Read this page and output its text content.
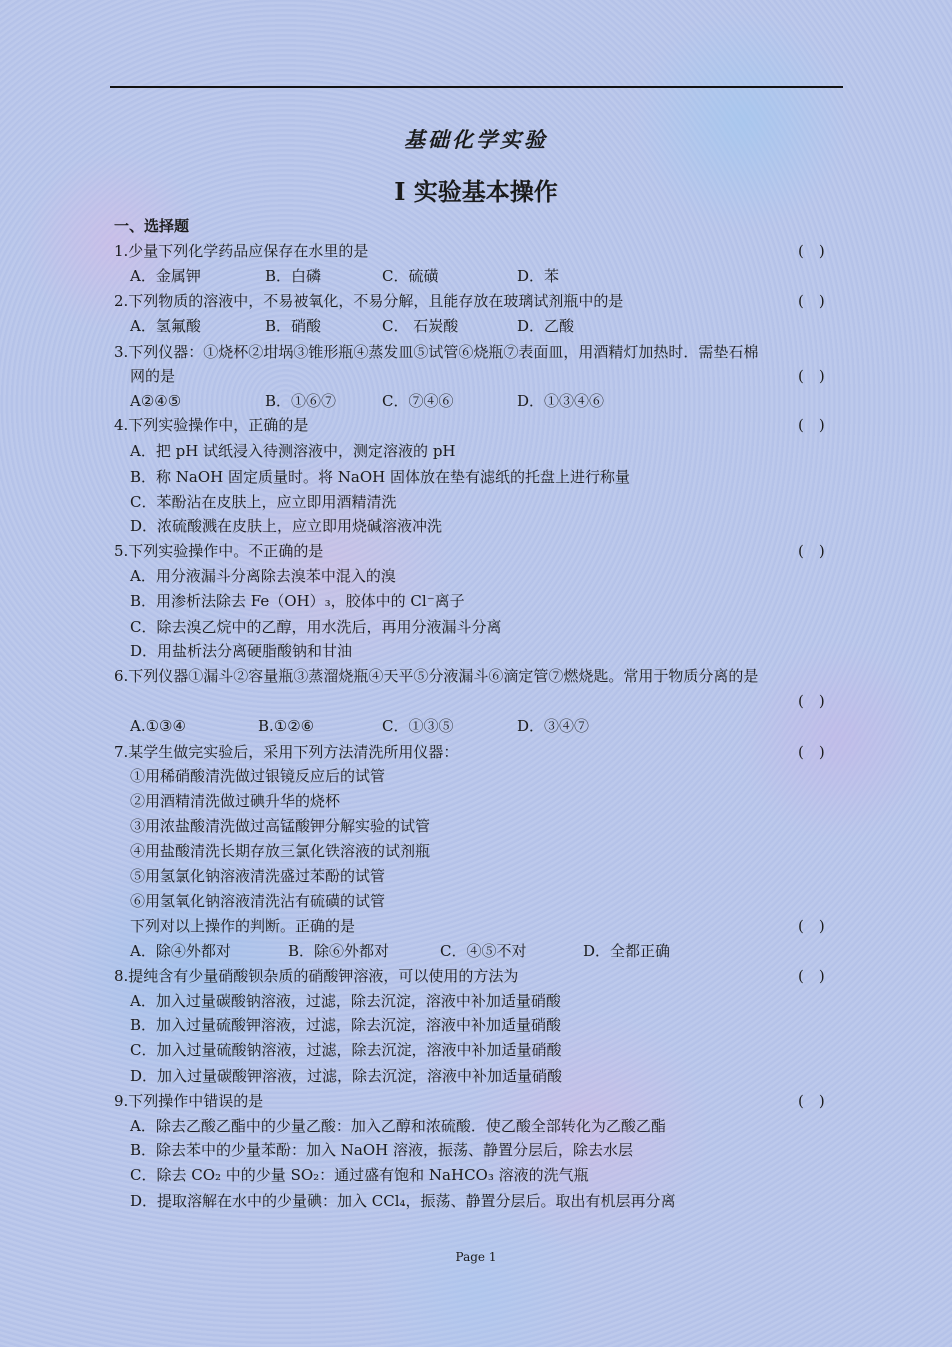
基础化学实验
I 实验基本操作
一、选择题
1.少量下列化学药品应保存在水里的是	(　)
A．金属钾	B．白磷	C．硫磺	D．苯
2.下列物质的溶液中，不易被氧化，不易分解，且能存放在玻璃试剂瓶中的是	(　)
A．氢氟酸	B．硝酸	C． 石炭酸	D．乙酸
3.下列仪器：①烧杯②坩埚③锥形瓶④蒸发皿⑤试管⑥烧瓶⑦表面皿，用酒精灯加热时．需垫石棉
网的是	(　)
A②④⑤	B．①⑥⑦	C．⑦④⑥	D．①③④⑥
4.下列实验操作中，正确的是	(　)
A．把 pH 试纸浸入待测溶液中，测定溶液的 pH
B．称 NaOH 固定质量时。将 NaOH 固体放在垫有滤纸的托盘上进行称量
C．苯酚沾在皮肤上，应立即用酒精清洗
D．浓硫酸溅在皮肤上，应立即用烧碱溶液冲洗
5.下列实验操作中。不正确的是	(　)
A．用分液漏斗分离除去溴苯中混入的溴
B．用渗析法除去 Fe（OH）₃，胶体中的 Cl⁻离子
C．除去溴乙烷中的乙醇，用水洗后，再用分液漏斗分离
D．用盐析法分离硬脂酸钠和甘油
6.下列仪器①漏斗②容量瓶③蒸溜烧瓶④天平⑤分液漏斗⑥滴定管⑦燃烧匙。常用于物质分离的是
(　)
A.①③④	B.①②⑥	C．①③⑤	D．③④⑦
7.某学生做完实验后，采用下列方法清洗所用仪器：	(　)
①用稀硝酸清洗做过银镜反应后的试管
②用酒精清洗做过碘升华的烧杯
③用浓盐酸清洗做过高锰酸钾分解实验的试管
④用盐酸清洗长期存放三氯化铁溶液的试剂瓶
⑤用氢氯化钠溶液清洗盛过苯酚的试管
⑥用氢氧化钠溶液清洗沾有硫磺的试管
下列对以上操作的判断。正确的是	(　)
A．除④外都对	B．除⑥外都对	C．④⑤不对	D．全都正确
8.提纯含有少量硝酸钡杂质的硝酸钾溶液，可以使用的方法为	(　)
A．加入过量碳酸钠溶液，过滤，除去沉淀，溶液中补加适量硝酸
B．加入过量硫酸钾溶液，过滤，除去沉淀，溶液中补加适量硝酸
C．加入过量硫酸钠溶液，过滤，除去沉淀，溶液中补加适量硝酸
D．加入过量碳酸钾溶液，过滤，除去沉淀，溶液中补加适量硝酸
9.下列操作中错误的是	(　)
A．除去乙酸乙酯中的少量乙酸：加入乙醇和浓硫酸．使乙酸全部转化为乙酸乙酯
B．除去苯中的少量苯酚：加入 NaOH 溶液，振荡、静置分层后，除去水层
C．除去 CO₂ 中的少量 SO₂：通过盛有饱和 NaHCO₃ 溶液的洗气瓶
D．提取溶解在水中的少量碘：加入 CCl₄，振荡、静置分层后。取出有机层再分离
Page 1
